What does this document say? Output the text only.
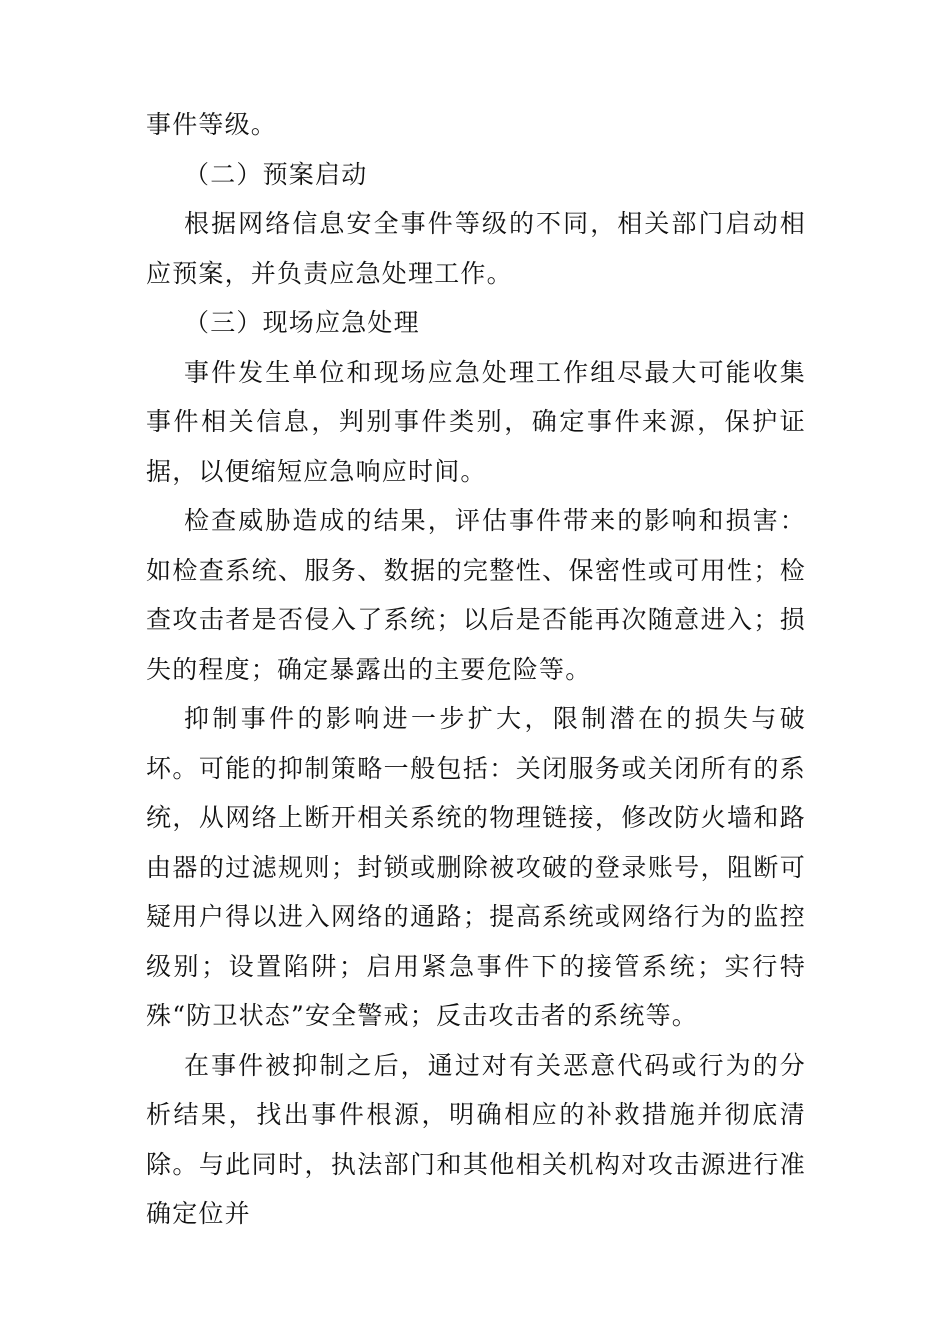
事件等级。

（二）预案启动

根据网络信息安全事件等级的不同，相关部门启动相应预案，并负责应急处理工作。

（三）现场应急处理

事件发生单位和现场应急处理工作组尽最大可能收集事件相关信息，判别事件类别，确定事件来源，保护证据，以便缩短应急响应时间。

检查威胁造成的结果，评估事件带来的影响和损害：如检查系统、服务、数据的完整性、保密性或可用性；检查攻击者是否侵入了系统；以后是否能再次随意进入；损失的程度；确定暴露出的主要危险等。

抑制事件的影响进一步扩大，限制潜在的损失与破坏。可能的抑制策略一般包括：关闭服务或关闭所有的系统，从网络上断开相关系统的物理链接，修改防火墙和路由器的过滤规则；封锁或删除被攻破的登录账号，阻断可疑用户得以进入网络的通路；提高系统或网络行为的监控级别；设置陷阱；启用紧急事件下的接管系统；实行特殊“防卫状态”安全警戒；反击攻击者的系统等。

在事件被抑制之后，通过对有关恶意代码或行为的分析结果，找出事件根源，明确相应的补救措施并彻底清除。与此同时，执法部门和其他相关机构对攻击源进行准确定位并
